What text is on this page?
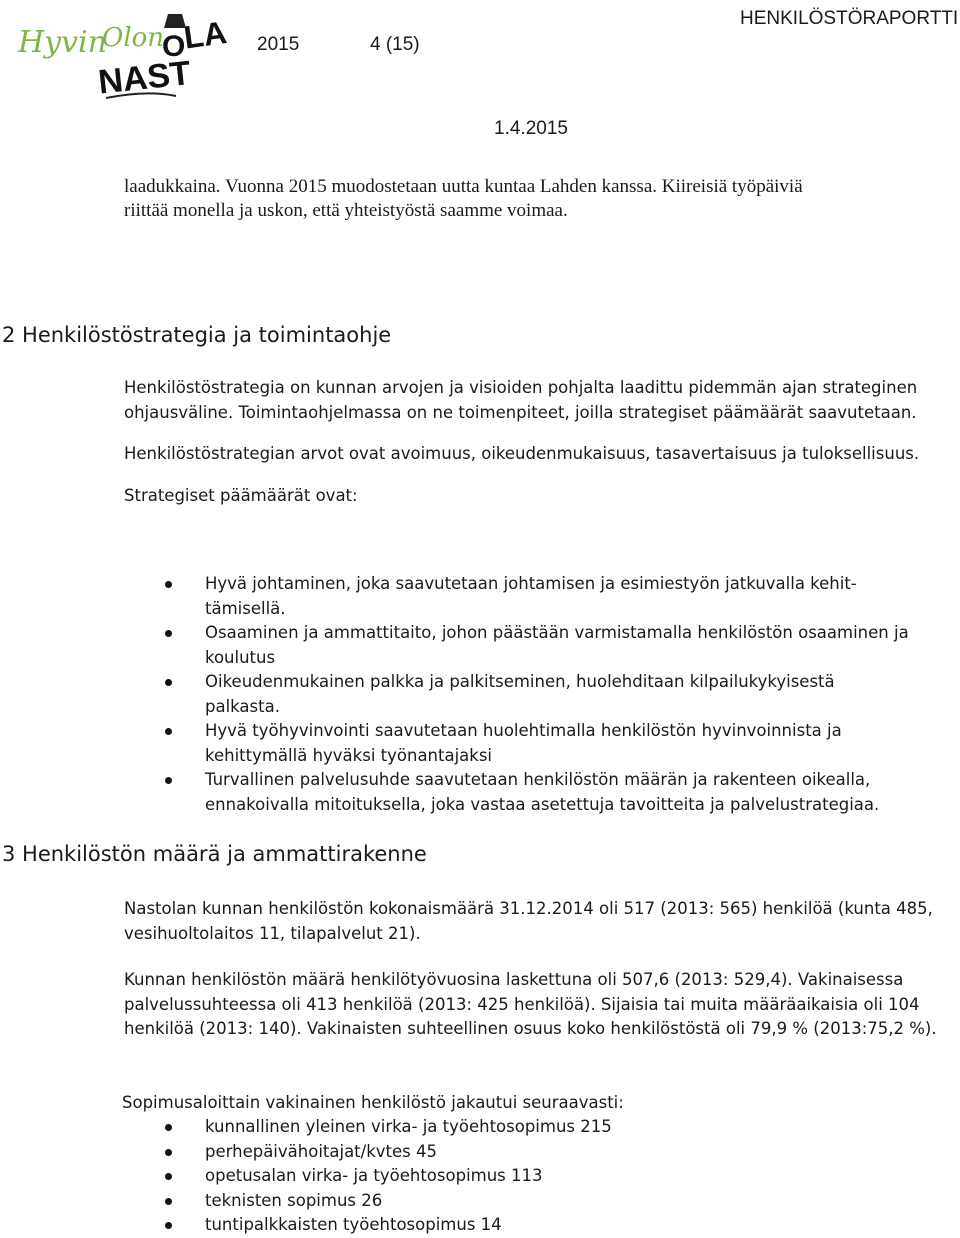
Hyvin
Olon
O
LA
NAST
2015	4 (15)
HENKILÖSTÖRAPORTTI
1.4.2015
laadukkaina. Vuonna 2015 muodostetaan uutta kuntaa Lahden kanssa. Kiireisiä työpäiviä
riittää monella ja uskon, että yhteistyöstä saamme voimaa.
2 Henkilöstöstrategia ja toimintaohje

Henkilöstöstrategia on kunnan arvojen ja visioiden pohjalta laadittu pidemmän ajan strateginen ohjausväline. Toimintaohjelmassa on ne toimenpiteet, joilla strategiset päämäärät saavutetaan.

Henkilöstöstrategian arvot ovat avoimuus, oikeudenmukaisuus, tasavertaisuus ja tuloksellisuus.

Strategiset päämäärät ovat:

Hyvä johtaminen, joka saavutetaan johtamisen ja esimiestyön jatkuvalla kehit-tämisellä.
Osaaminen ja ammattitaito, johon päästään varmistamalla henkilöstön osaaminen ja koulutus
Oikeudenmukainen palkka ja palkitseminen, huolehditaan kilpailukykyisestä palkasta.
Hyvä työhyvinvointi saavutetaan huolehtimalla henkilöstön hyvinvoinnista ja kehittymällä hyväksi työnantajaksi
Turvallinen palvelusuhde saavutetaan henkilöstön määrän ja rakenteen oikealla, ennakoivalla mitoituksella, joka vastaa asetettuja tavoitteita ja palvelustrategiaa.
3 Henkilöstön määrä ja ammattirakenne

Nastolan kunnan henkilöstön kokonaismäärä 31.12.2014 oli 517 (2013: 565) henkilöä (kunta 485, vesihuoltolaitos 11, tilapalvelut 21).

Kunnan henkilöstön määrä henkilötyövuosina laskettuna oli 507,6 (2013: 529,4). Vakinaisessa palvelussuhteessa oli 413 henkilöä (2013: 425 henkilöä). Sijaisia tai muita määräaikaisia oli 104 henkilöä (2013: 140). Vakinaisten suhteellinen osuus koko henkilöstöstä oli 79,9 % (2013:75,2 %).

Sopimusaloittain vakinainen henkilöstö jakautui seuraavasti:
kunnallinen yleinen virka- ja työehtosopimus 215
perhepäivähoitajat/kvtes 45
opetusalan virka- ja työehtosopimus 113
teknisten sopimus 26
tuntipalkkaisten työehtosopimus 14
